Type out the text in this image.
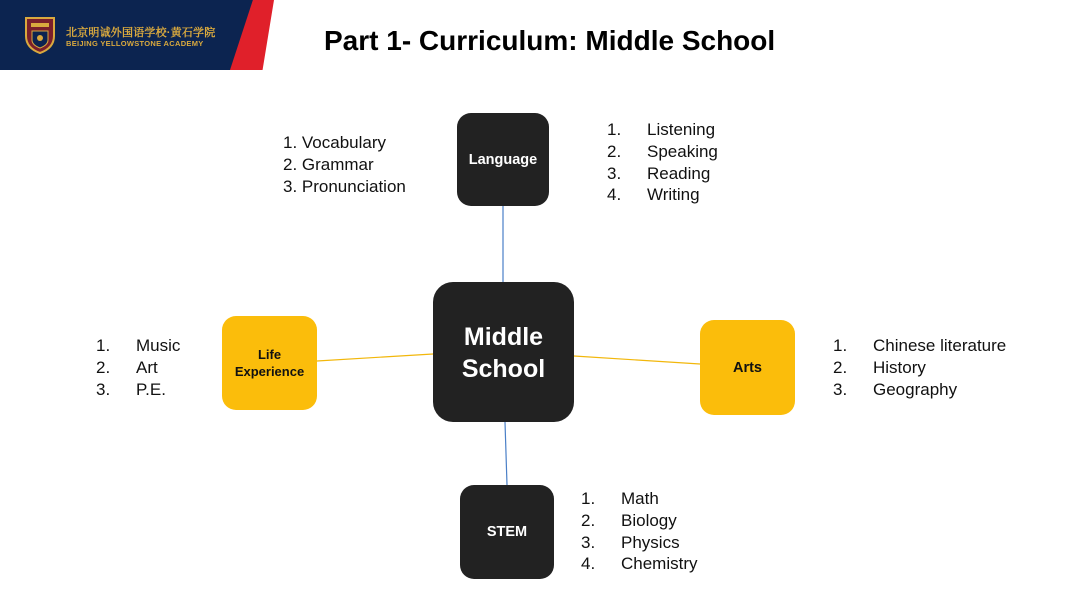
北京明诚外国语学校·黄石学院
BEIJING YELLOWSTONE ACADEMY	Part 1- Curriculum: Middle School
Language
Middle
School
STEM
Life
Experience	Arts
1. Vocabulary
2. Grammar
3. Pronunciation
1.	Listening
2.	Speaking
3.	Reading
4.	Writing
1.	Music
2.	Art
3.	P.E.
1.	Chinese literature
2.	History
3.	Geography
1.	Math
2.	Biology
3.	Physics
4.	Chemistry
